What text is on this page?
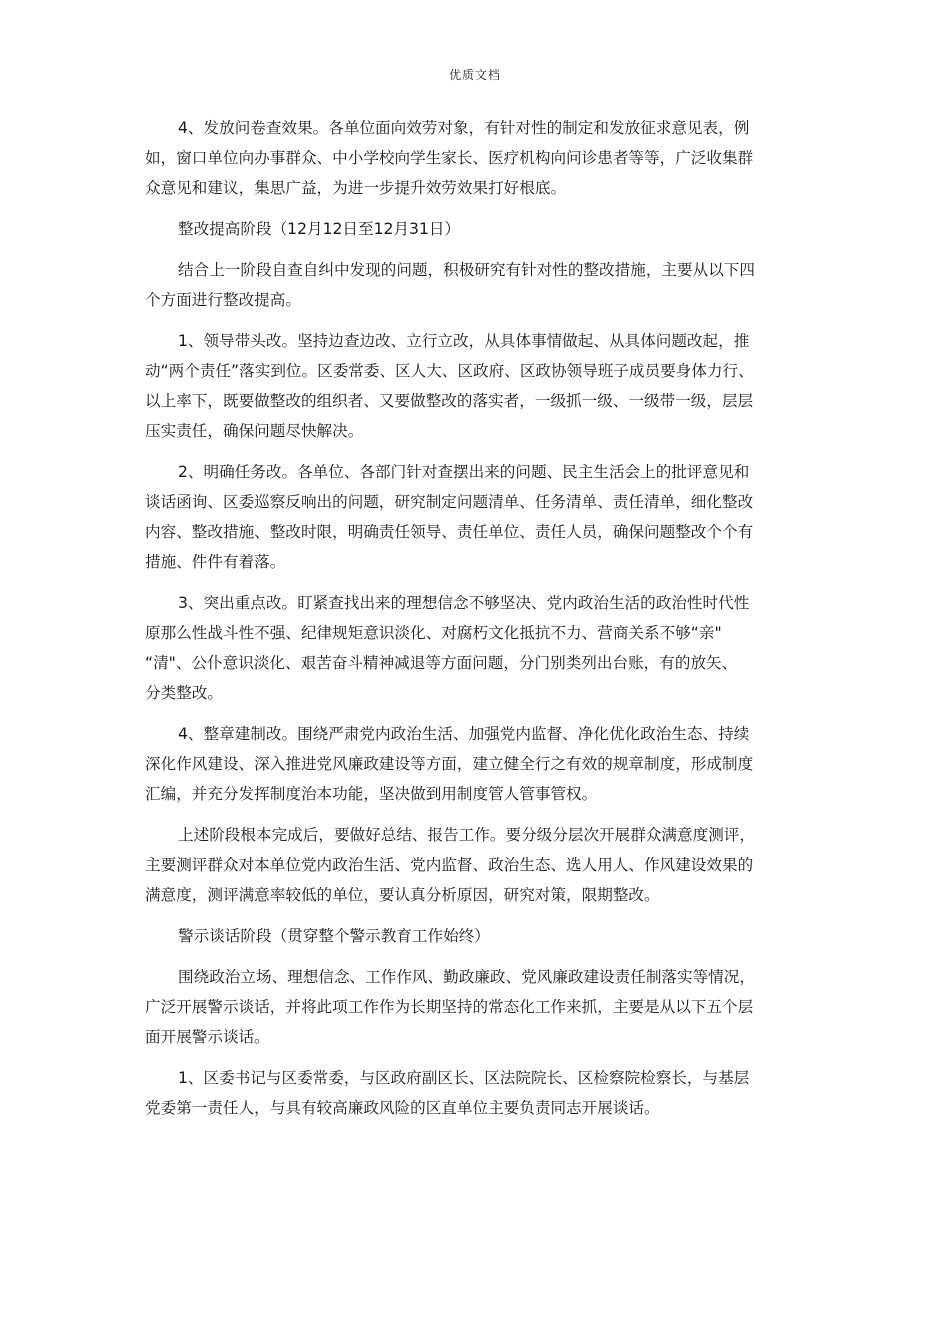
优质文档

4、发放问卷查效果。各单位面向效劳对象，有针对性的制定和发放征求意见表，例
如，窗口单位向办事群众、中小学校向学生家长、医疗机构向问诊患者等等，广泛收集群
众意见和建议，集思广益，为进一步提升效劳效果打好根底。

整改提高阶段（12月12日至12月31日）

结合上一阶段自查自纠中发现的问题，积极研究有针对性的整改措施，主要从以下四
个方面进行整改提高。

1、领导带头改。坚持边查边改、立行立改，从具体事情做起、从具体问题改起，推
动“两个责任”落实到位。区委常委、区人大、区政府、区政协领导班子成员要身体力行、
以上率下，既要做整改的组织者、又要做整改的落实者，一级抓一级、一级带一级，层层
压实责任，确保问题尽快解决。

2、明确任务改。各单位、各部门针对查摆出来的问题、民主生活会上的批评意见和
谈话函询、区委巡察反响出的问题，研究制定问题清单、任务清单、责任清单，细化整改
内容、整改措施、整改时限，明确责任领导、责任单位、责任人员，确保问题整改个个有
措施、件件有着落。

3、突出重点改。盯紧查找出来的理想信念不够坚决、党内政治生活的政治性时代性
原那么性战斗性不强、纪律规矩意识淡化、对腐朽文化抵抗不力、营商关系不够“亲"
“清"、公仆意识淡化、艰苦奋斗精神减退等方面问题，分门别类列出台账，有的放矢、
分类整改。

4、整章建制改。围绕严肃党内政治生活、加强党内监督、净化优化政治生态、持续
深化作风建设、深入推进党风廉政建设等方面，建立健全行之有效的规章制度，形成制度
汇编，并充分发挥制度治本功能，坚决做到用制度管人管事管权。

上述阶段根本完成后，要做好总结、报告工作。要分级分层次开展群众满意度测评，
主要测评群众对本单位党内政治生活、党内监督、政治生态、选人用人、作风建设效果的
满意度，测评满意率较低的单位，要认真分析原因，研究对策，限期整改。

警示谈话阶段（贯穿整个警示教育工作始终）

围绕政治立场、理想信念、工作作风、勤政廉政、党风廉政建设责任制落实等情况，
广泛开展警示谈话，并将此项工作作为长期坚持的常态化工作来抓，主要是从以下五个层
面开展警示谈话。

1、区委书记与区委常委，与区政府副区长、区法院院长、区检察院检察长，与基层
党委第一责任人，与具有较高廉政风险的区直单位主要负责同志开展谈话。
